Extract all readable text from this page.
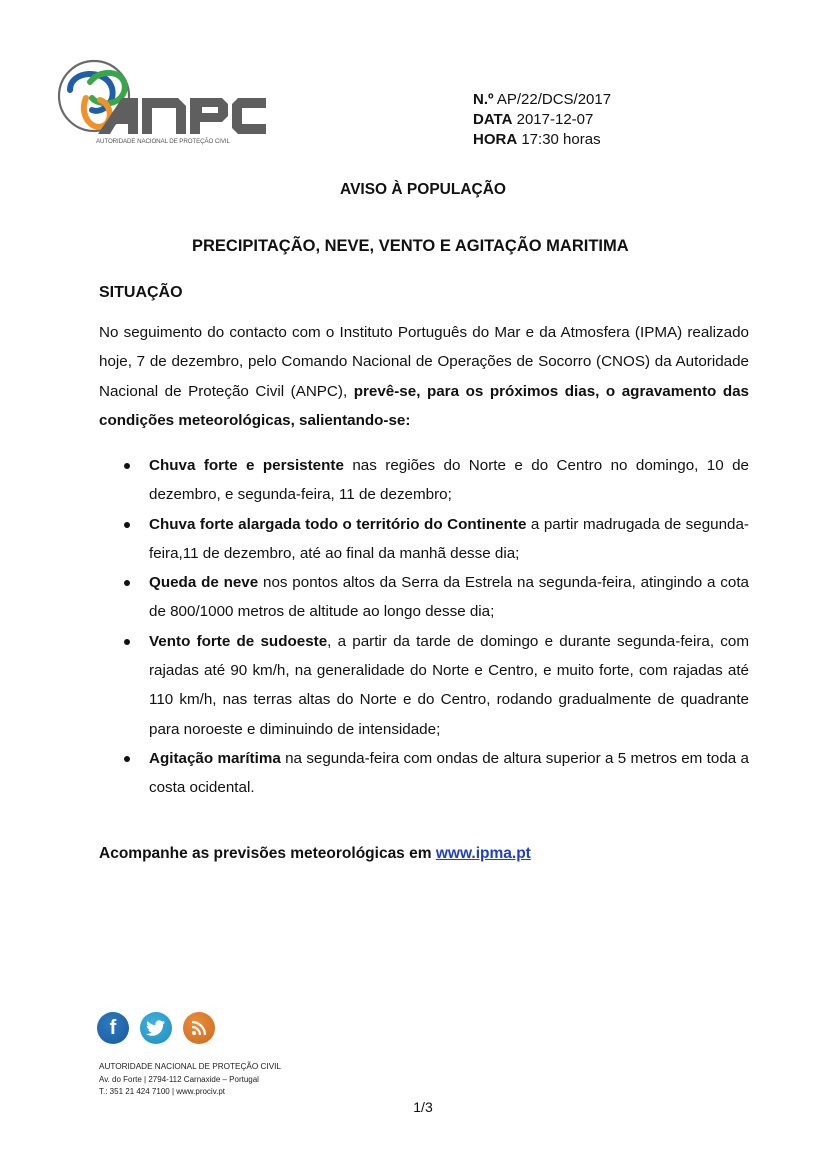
AUTORIDADE NACIONAL DE PROTEÇÃO CIVIL
N.º AP/22/DCS/2017
DATA 2017-12-07
HORA 17:30 horas
AVISO À POPULAÇÃO
PRECIPITAÇÃO, NEVE, VENTO E AGITAÇÃO MARITIMA
SITUAÇÃO
No seguimento do contacto com o Instituto Português do Mar e da Atmosfera (IPMA) realizado hoje, 7 de dezembro, pelo Comando Nacional de Operações de Socorro (CNOS) da Autoridade Nacional de Proteção Civil (ANPC), prevê-se, para os próximos dias, o agravamento das condições meteorológicas, salientando-se:
Chuva forte e persistente nas regiões do Norte e do Centro no domingo, 10 de dezembro, e segunda-feira, 11 de dezembro;
Chuva forte alargada todo o território do Continente a partir madrugada de segunda-feira,11 de dezembro, até ao final da manhã desse dia;
Queda de neve nos pontos altos da Serra da Estrela na segunda-feira, atingindo a cota de 800/1000 metros de altitude ao longo desse dia;
Vento forte de sudoeste, a partir da tarde de domingo e durante segunda-feira, com rajadas até 90 km/h, na generalidade do Norte e Centro, e muito forte, com rajadas até 110 km/h, nas terras altas do Norte e do Centro, rodando gradualmente de quadrante para noroeste e diminuindo de intensidade;
Agitação marítima na segunda-feira com ondas de altura superior a 5 metros em toda a costa ocidental.
Acompanhe as previsões meteorológicas em www.ipma.pt
f
AUTORIDADE NACIONAL DE PROTEÇÃO CIVIL
Av. do Forte | 2794-112 Carnaxide – Portugal
T.: 351 21 424 7100 | www.prociv.pt
1/3
